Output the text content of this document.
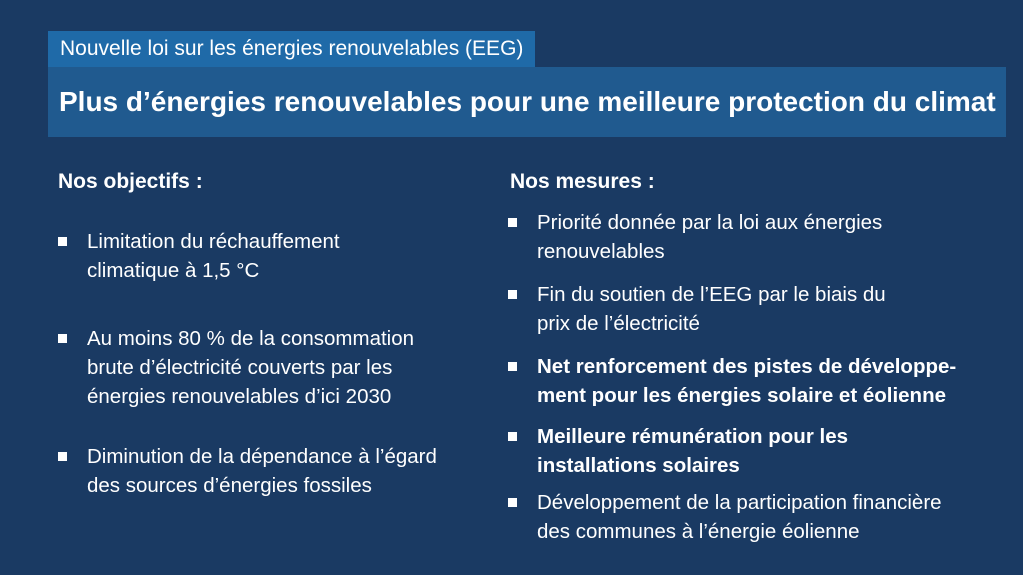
Nouvelle loi sur les énergies renouvelables (EEG)
Plus d’énergies renouvelables pour une meilleure protection du climat
Nos objectifs :
Limitation du réchauffement
climatique à 1,5 °C
Au moins 80 % de la consommation
brute d’électricité couverts par les
énergies renouvelables d’ici 2030
Diminution de la dépendance à l’égard
des sources d’énergies fossiles
Nos mesures :
Priorité donnée par la loi aux énergies
renouvelables
Fin du soutien de l’EEG par le biais du
prix de l’électricité
Net renforcement des pistes de développe-
ment pour les énergies solaire et éolienne
Meilleure rémunération pour les
installations solaires
Développement de la participation financière
des communes à l’énergie éolienne
